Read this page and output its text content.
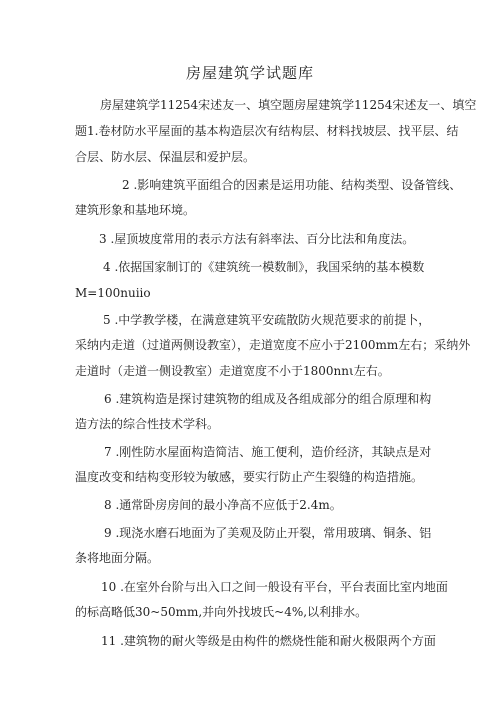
房屋建筑学试题库
房屋建筑学11254宋述友一、填空题房屋建筑学11254宋述友一、填空
题1.卷材防水平屋面的基本构造层次有结构层、材料找坡层、找平层、结
合层、防水层、保温层和爱护层。
2 .影响建筑平面组合的因素是运用功能、结构类型、设备管线、
建筑形象和基地环境。
3 .屋顶坡度常用的表示方法有斜率法、百分比法和角度法。
4 .依据国家制订的《建筑统一模数制》，我国采纳的基本模数
M=100nuiio
5 .中学教学楼，在满意建筑平安疏散防火规范要求的前提卜，
采纳内走道（过道两侧设教室），走道宽度不应小于2100mm左右；采纳外
走道时（走道一侧设教室）走道宽度不小于1800nnι左右。
6 .建筑构造是探讨建筑物的组成及各组成部分的组合原理和构
造方法的综合性技术学科。
7 .刚性防水屋面构造简洁、施工便利，造价经济，其缺点是对
温度改变和结构变形较为敏感，要实行防止产生裂缝的构造措施。
8 .通常卧房房间的最小净高不应低于2.4m。
9 .现浇水磨石地面为了美观及防止开裂，常用玻璃、铜条、铝
条将地面分隔。
10 .在室外台阶与出入口之间一般设有平台，平台表面比室内地面
的标高略低30~50mm,并向外找坡氏~4%,以利排水。
11 .建筑物的耐火等级是由构件的燃烧性能和耐火极限两个方面
